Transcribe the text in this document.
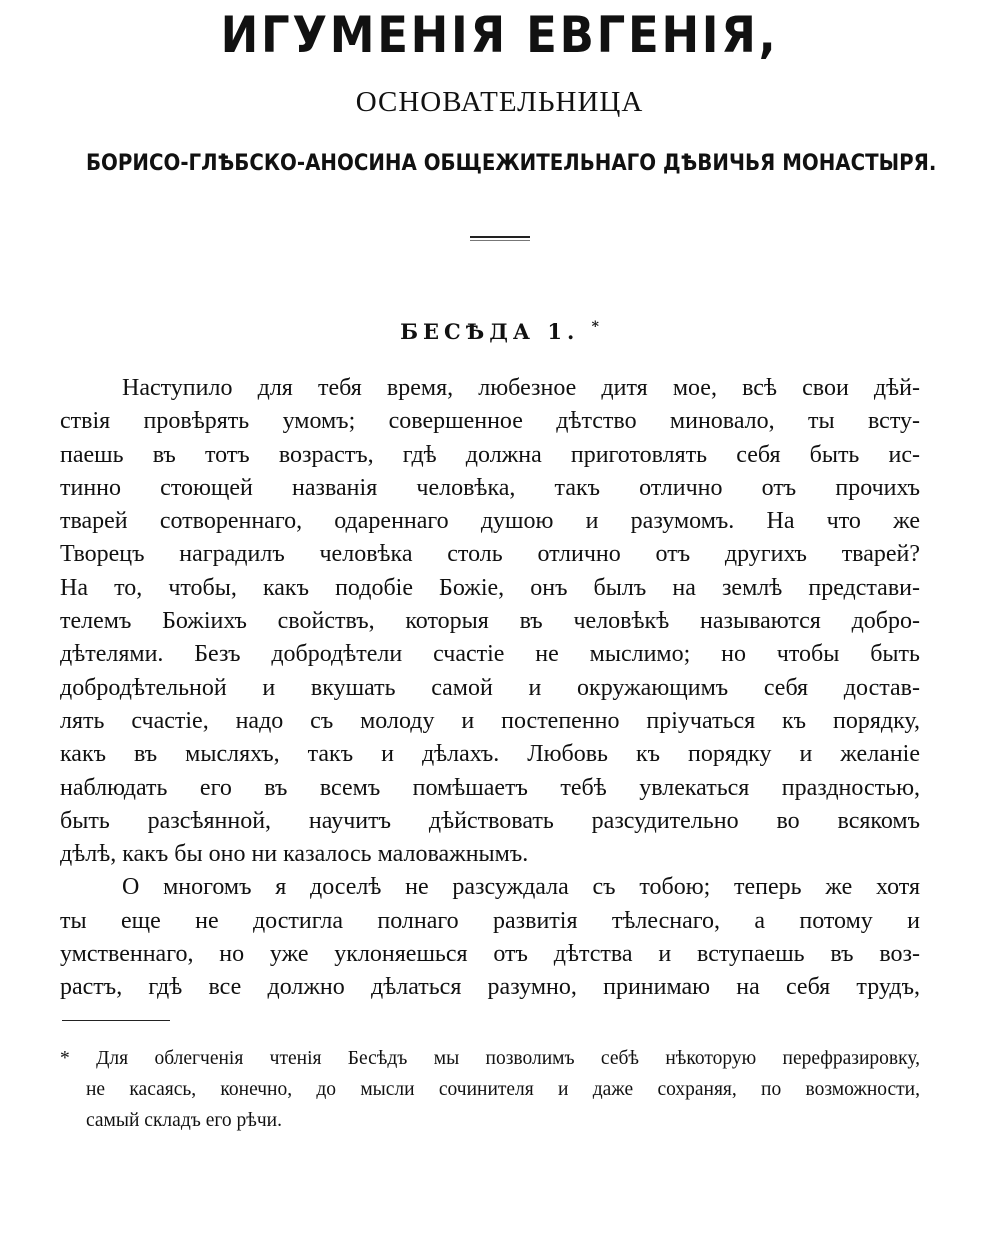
ИГУМЕНІЯ ЕВГЕНІЯ,
ОСНОВАТЕЛЬНИЦА
БОРИСО-ГЛѢБСКО-АНОСИНА ОБЩЕЖИТЕЛЬНАГО ДѢВИЧЬЯ МОНАСТЫРЯ.
БЕСѢДА 1. *
Наступило для тебя время, любезное дитя мое, всѣ свои дѣй-
ствія провѣрять умомъ; совершенное дѣтство миновало, ты всту-
паешь въ тотъ возрастъ, гдѣ должна приготовлять себя быть ис-
тинно стоющей названія человѣка, такъ отлично отъ прочихъ
тварей сотвореннаго, одареннаго душою и разумомъ. На что же
Творецъ наградилъ человѣка столь отлично отъ другихъ тварей?
На то, чтобы, какъ подобіе Божіе, онъ былъ на землѣ представи-
телемъ Божіихъ свойствъ, которыя въ человѣкѣ называются добро-
дѣтелями. Безъ добродѣтели счастіе не мыслимо; но чтобы быть
добродѣтельной и вкушать самой и окружающимъ себя достав-
лять счастіе, надо съ молоду и постепенно пріучаться къ порядку,
какъ въ мысляхъ, такъ и дѣлахъ. Любовь къ порядку и желаніе
наблюдать его въ всемъ помѣшаетъ тебѣ увлекаться праздностью,
быть разсѣянной, научитъ дѣйствовать разсудительно во всякомъ
дѣлѣ, какъ бы оно ни казалось маловажнымъ.
О многомъ я доселѣ не разсуждала съ тобою; теперь же хотя
ты еще не достигла полнаго развитія тѣлеснаго, а потому и
умственнаго, но уже уклоняешься отъ дѣтства и вступаешь въ воз-
растъ, гдѣ все должно дѣлаться разумно, принимаю на себя трудъ,
* Для облегченія чтенія Бесѣдъ мы позволимъ себѣ нѣкоторую перефразировку,
не касаясь, конечно, до мысли сочинителя и даже сохраняя, по возможности,
самый складъ его рѣчи.
